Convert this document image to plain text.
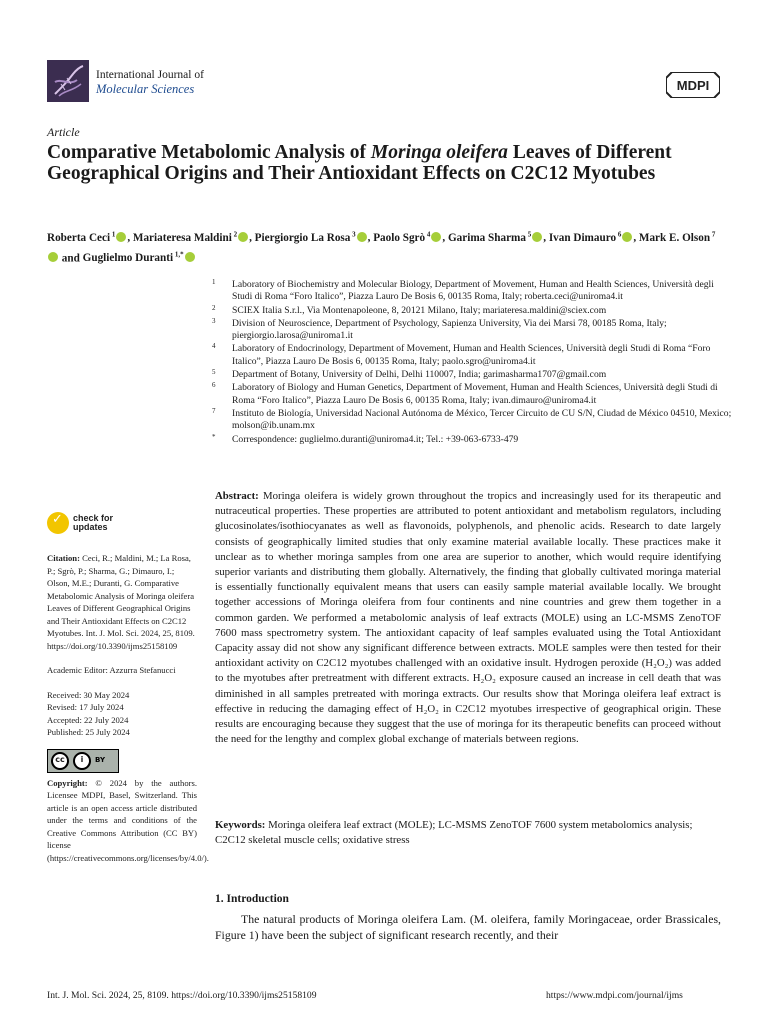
International Journal of
Molecular Sciences	MDPI
Article
Comparative Metabolomic Analysis of Moringa oleifera Leaves of Different Geographical Origins and Their Antioxidant Effects on C2C12 Myotubes
Roberta Ceci $^1$ , Mariateresa Maldini $^2$ , Piergiorgio La Rosa $^3$ , Paolo Sgrò $^4$ , Garima Sharma $^5$ , Ivan Dimauro $^6$ , Mark E. Olson $^7$ and Guglielmo Duranti $^{1,*}$
1 Laboratory of Biochemistry and Molecular Biology, Department of Movement, Human and Health Sciences, Università degli Studi di Roma “Foro Italico”, Piazza Lauro De Bosis 6, 00135 Roma, Italy; roberta.ceci@uniroma4.it
2 SCIEX Italia S.r.l., Via Montenapoleone, 8, 20121 Milano, Italy; mariateresa.maldini@sciex.com
3 Division of Neuroscience, Department of Psychology, Sapienza University, Via dei Marsi 78, 00185 Roma, Italy; piergiorgio.larosa@uniroma1.it
4 Laboratory of Endocrinology, Department of Movement, Human and Health Sciences, Università degli Studi di Roma “Foro Italico”, Piazza Lauro De Bosis 6, 00135 Roma, Italy; paolo.sgro@uniroma4.it
5 Department of Botany, University of Delhi, Delhi 110007, India; garimasharma1707@gmail.com
6 Laboratory of Biology and Human Genetics, Department of Movement, Human and Health Sciences, Università degli Studi di Roma “Foro Italico”, Piazza Lauro De Bosis 6, 00135 Roma, Italy; ivan.dimauro@uniroma4.it
7 Instituto de Biología, Universidad Nacional Autónoma de México, Tercer Circuito de CU S/N, Ciudad de México 04510, Mexico; molson@ib.unam.mx
* Correspondence: guglielmo.duranti@uniroma4.it; Tel.: +39-063-6733-479
✓
check for
updates
Citation: Ceci, R.; Maldini, M.; La Rosa, P.; Sgrò, P.; Sharma, G.; Dimauro, I.; Olson, M.E.; Duranti, G. Comparative Metabolomic Analysis of Moringa oleifera Leaves of Different Geographical Origins and Their Antioxidant Effects on C2C12 Myotubes. Int. J. Mol. Sci. 2024, 25, 8109. https://doi.org/10.3390/ijms25158109
Academic Editor: Azzurra Stefanucci
Received: 30 May 2024
Revised: 17 July 2024
Accepted: 22 July 2024
Published: 25 July 2024
cc	i	BY
Copyright: © 2024 by the authors. Licensee MDPI, Basel, Switzerland. This article is an open access article distributed under the terms and conditions of the Creative Commons Attribution (CC BY) license (https://creativecommons.org/licenses/by/4.0/).
Abstract: Moringa oleifera is widely grown throughout the tropics and increasingly used for its therapeutic and nutraceutical properties. These properties are attributed to potent antioxidant and metabolism regulators, including glucosinolates/isothiocyanates as well as flavonoids, polyphenols, and phenolic acids. Research to date largely consists of geographically limited studies that only examine material available locally. These practices make it unclear as to whether moringa samples from one area are superior to another, which would require identifying superior variants and distributing them globally. Alternatively, the finding that globally cultivated moringa material is essentially functionally equivalent means that users can easily sample material available locally. We brought together accessions of Moringa oleifera from four continents and nine countries and grew them together in a common garden. We performed a metabolomic analysis of leaf extracts (MOLE) using an LC-MSMS ZenoTOF 7600 mass spectrometry system. The antioxidant capacity of leaf samples evaluated using the Total Antioxidant Capacity assay did not show any significant difference between extracts. MOLE samples were then tested for their antioxidant activity on C2C12 myotubes challenged with an oxidative insult. Hydrogen peroxide (H₂O₂) was added to the myotubes after pretreatment with different extracts. H₂O₂ exposure caused an increase in cell death that was diminished in all samples pretreated with moringa extracts. Our results show that Moringa oleifera leaf extract is effective in reducing the damaging effect of H₂O₂ in C2C12 myotubes irrespective of geographical origin. These results are encouraging because they suggest that the use of moringa for its therapeutic benefits can proceed without the need for the lengthy and complex global exchange of materials between regions.
Keywords: Moringa oleifera leaf extract (MOLE); LC-MSMS ZenoTOF 7600 system metabolomics analysis; C2C12 skeletal muscle cells; oxidative stress
1. Introduction
The natural products of Moringa oleifera Lam. (M. oleifera, family Moringaceae, order Brassicales, Figure 1) have been the subject of significant research recently, and their
Int. J. Mol. Sci. 2024, 25, 8109. https://doi.org/10.3390/ijms25158109	https://www.mdpi.com/journal/ijms
